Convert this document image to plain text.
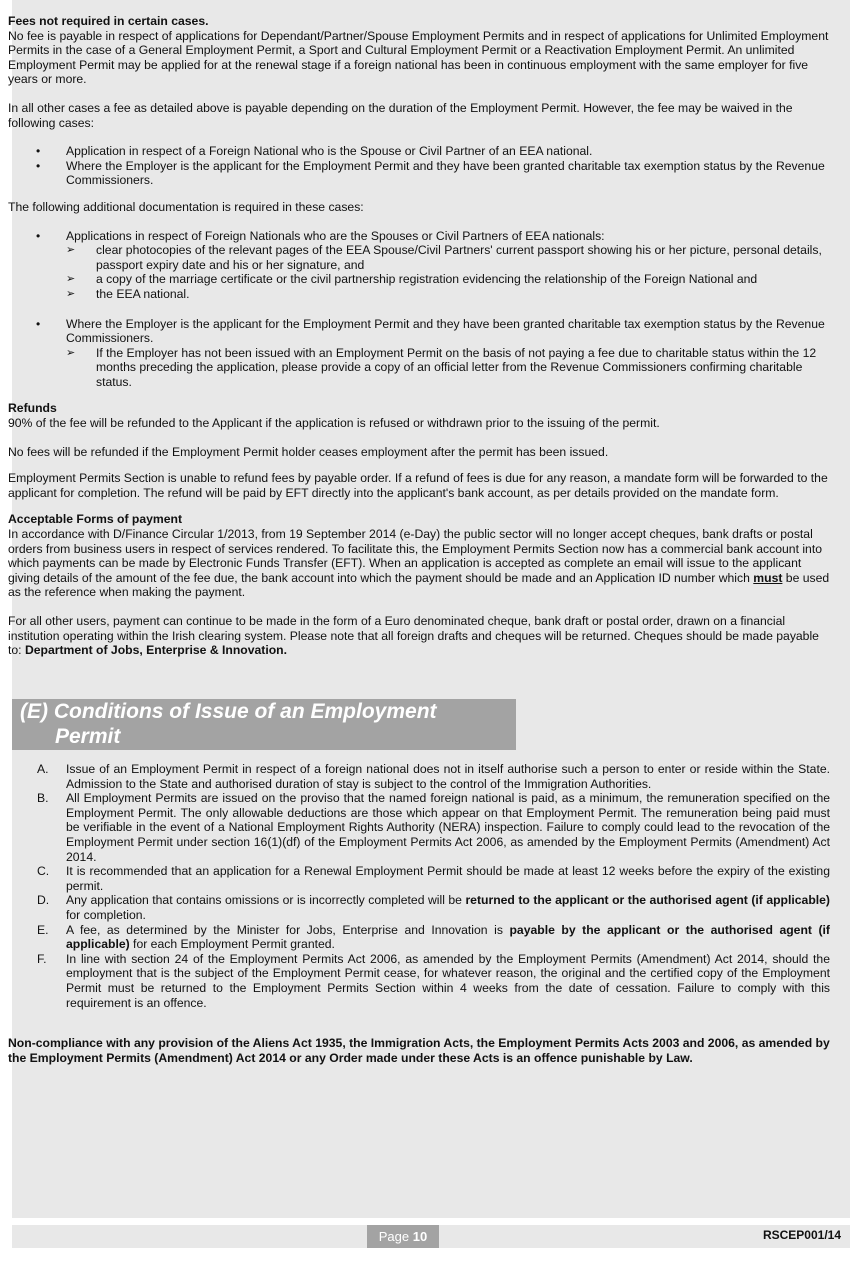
Fees not required in certain cases.

No fee is payable in respect of applications for Dependant/Partner/Spouse Employment Permits and in respect of applications for Unlimited Employment Permits in the case of a General Employment Permit, a Sport and Cultural Employment Permit or a Reactivation Employment Permit. An unlimited Employment Permit may be applied for at the renewal stage if a foreign national has been in continuous employment with the same employer for five years or more.

In all other cases a fee as detailed above is payable depending on the duration of the Employment Permit. However, the fee may be waived in the following cases:

• Application in respect of a Foreign National who is the Spouse or Civil Partner of an EEA national.
• Where the Employer is the applicant for the Employment Permit and they have been granted charitable tax exemption status by the Revenue Commissioners.

The following additional documentation is required in these cases:

• Applications in respect of Foreign Nationals who are the Spouses or Civil Partners of EEA nationals:
➢ clear photocopies of the relevant pages of the EEA Spouse/Civil Partners' current passport showing his or her picture, personal details, passport expiry date and his or her signature, and
➢ a copy of the marriage certificate or the civil partnership registration evidencing the relationship of the Foreign National and
➢ the EEA national.
• Where the Employer is the applicant for the Employment Permit and they have been granted charitable tax exemption status by the Revenue Commissioners.
➢ If the Employer has not been issued with an Employment Permit on the basis of not paying a fee due to charitable status within the 12 months preceding the application, please provide a copy of an official letter from the Revenue Commissioners confirming charitable status.

Refunds

90% of the fee will be refunded to the Applicant if the application is refused or withdrawn prior to the issuing of the permit.

No fees will be refunded if the Employment Permit holder ceases employment after the permit has been issued.

Employment Permits Section is unable to refund fees by payable order. If a refund of fees is due for any reason, a mandate form will be forwarded to the applicant for completion. The refund will be paid by EFT directly into the applicant's bank account, as per details provided on the mandate form.

Acceptable Forms of payment

In accordance with D/Finance Circular 1/2013, from 19 September 2014 (e-Day) the public sector will no longer accept cheques, bank drafts or postal orders from business users in respect of services rendered. To facilitate this, the Employment Permits Section now has a commercial bank account into which payments can be made by Electronic Funds Transfer (EFT). When an application is accepted as complete an email will issue to the applicant giving details of the amount of the fee due, the bank account into which the payment should be made and an Application ID number which must be used as the reference when making the payment.

For all other users, payment can continue to be made in the form of a Euro denominated cheque, bank draft or postal order, drawn on a financial institution operating within the Irish clearing system. Please note that all foreign drafts and cheques will be returned. Cheques should be made payable to: Department of Jobs, Enterprise & Innovation.

(E) Conditions of Issue of an Employment
Permit
A. Issue of an Employment Permit in respect of a foreign national does not in itself authorise such a person to enter or reside within the State. Admission to the State and authorised duration of stay is subject to the control of the Immigration Authorities.
B. All Employment Permits are issued on the proviso that the named foreign national is paid, as a minimum, the remuneration specified on the Employment Permit. The only allowable deductions are those which appear on that Employment Permit. The remuneration being paid must be verifiable in the event of a National Employment Rights Authority (NERA) inspection. Failure to comply could lead to the revocation of the Employment Permit under section 16(1)(df) of the Employment Permits Act 2006, as amended by the Employment Permits (Amendment) Act 2014.
C. It is recommended that an application for a Renewal Employment Permit should be made at least 12 weeks before the expiry of the existing permit.
D. Any application that contains omissions or is incorrectly completed will be returned to the applicant or the authorised agent (if applicable) for completion.
E. A fee, as determined by the Minister for Jobs, Enterprise and Innovation is payable by the applicant or the authorised agent (if applicable) for each Employment Permit granted.
F. In line with section 24 of the Employment Permits Act 2006, as amended by the Employment Permits (Amendment) Act 2014, should the employment that is the subject of the Employment Permit cease, for whatever reason, the original and the certified copy of the Employment Permit must be returned to the Employment Permits Section within 4 weeks from the date of cessation. Failure to comply with this requirement is an offence.

Non-compliance with any provision of the Aliens Act 1935, the Immigration Acts, the Employment Permits Acts 2003 and 2006, as amended by the Employment Permits (Amendment) Act 2014 or any Order made under these Acts is an offence punishable by Law.

Page 10	RSCEP001/14
